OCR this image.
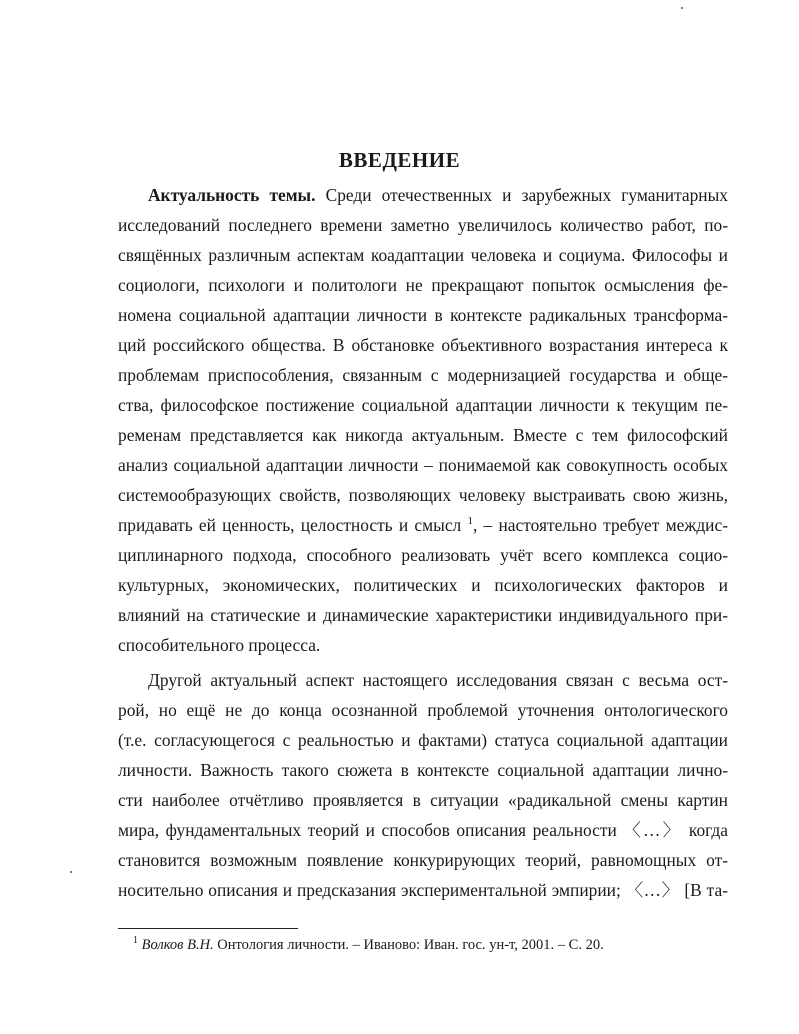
ВВЕДЕНИЕ
Актуальность темы. Среди отечественных и зарубежных гуманитарных
исследований последнего времени заметно увеличилось количество работ, по-
свящённых различным аспектам коадаптации человека и социума. Философы и
социологи, психологи и политологи не прекращают попыток осмысления фе-
номена социальной адаптации личности в контексте радикальных трансформа-
ций российского общества. В обстановке объективного возрастания интереса к
проблемам приспособления, связанным с модернизацией государства и обще-
ства, философское постижение социальной адаптации личности к текущим пе-
ременам представляется как никогда актуальным. Вместе с тем философский
анализ социальной адаптации личности – понимаемой как совокупность особых
системообразующих свойств, позволяющих человеку выстраивать свою жизнь,
придавать ей ценность, целостность и смысл $^1$, – настоятельно требует междис-
циплинарного подхода, способного реализовать учёт всего комплекса социо-
культурных, экономических, политических и психологических факторов и
влияний на статические и динамические характеристики индивидуального при-
способительного процесса.
Другой актуальный аспект настоящего исследования связан с весьма ост-
рой, но ещё не до конца осознанной проблемой уточнения онтологического
(т.е. согласующегося с реальностью и фактами) статуса социальной адаптации
личности. Важность такого сюжета в контексте социальной адаптации лично-
сти наиболее отчётливо проявляется в ситуации «радикальной смены картин
мира, фундаментальных теорий и способов описания реальности 〈…〉 когда
становится возможным появление конкурирующих теорий, равномощных от-
носительно описания и предсказания экспериментальной эмпирии; 〈…〉 [В та-
$^1$ Волков В.Н. Онтология личности. – Иваново: Иван. гос. ун-т, 2001. – С. 20.
